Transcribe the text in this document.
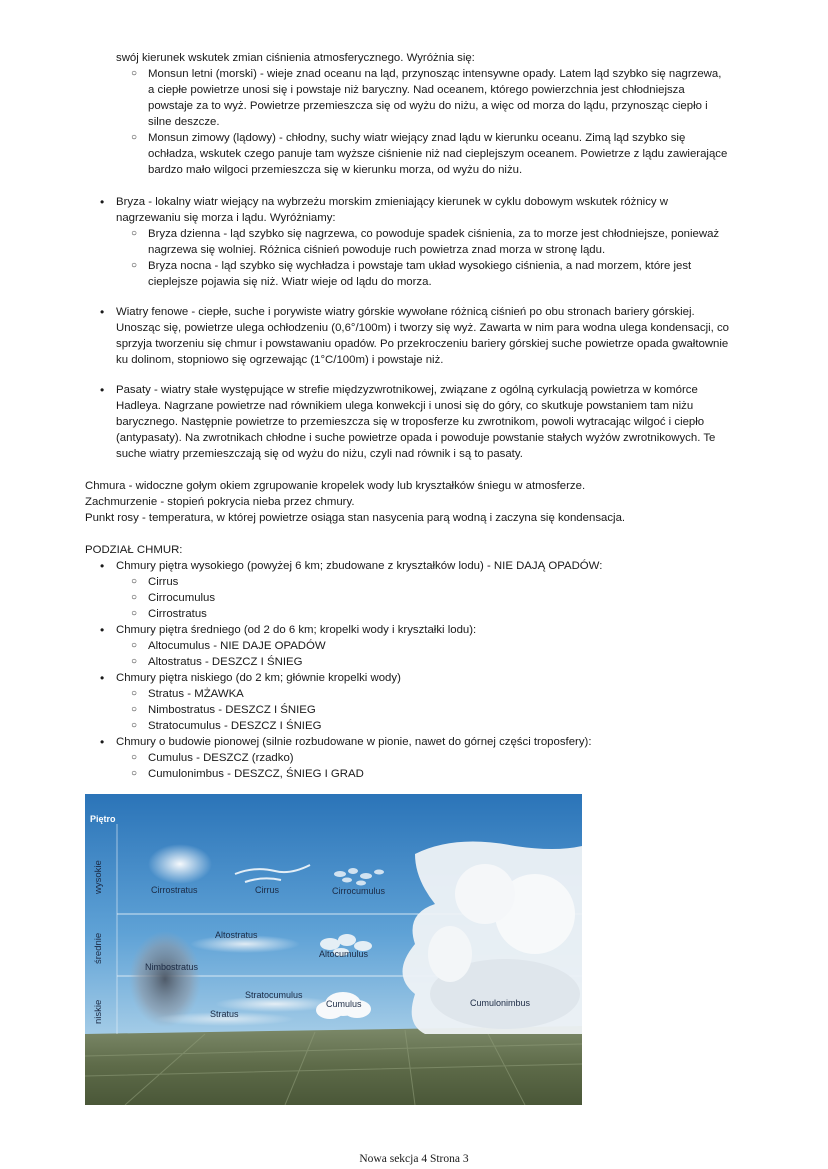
swój kierunek wskutek zmian ciśnienia atmosferycznego. Wyróżnia się:

○ Monsun letni (morski) - wieje znad oceanu na ląd, przynosząc intensywne opady. Latem ląd szybko się nagrzewa, a ciepłe powietrze unosi się i powstaje niż baryczny. Nad oceanem, którego powierzchnia jest chłodniejsza powstaje za to wyż. Powietrze przemieszcza się od wyżu do niżu, a więc od morza do lądu, przynosząc ciepło i silne deszcze.

○ Monsun zimowy (lądowy) - chłodny, suchy wiatr wiejący znad lądu w kierunku oceanu. Zimą ląd szybko się ochładza, wskutek czego panuje tam wyższe ciśnienie niż nad cieplejszym oceanem. Powietrze z lądu zawierające bardzo mało wilgoci przemieszcza się w kierunku morza, od wyżu do niżu.

• Bryza - lokalny wiatr wiejący na wybrzeżu morskim zmieniający kierunek w cyklu dobowym wskutek różnicy w nagrzewaniu się morza i lądu. Wyróżniamy:

○ Bryza dzienna - ląd szybko się nagrzewa, co powoduje spadek ciśnienia, za to morze jest chłodniejsze, ponieważ nagrzewa się wolniej. Różnica ciśnień powoduje ruch powietrza znad morza w stronę lądu.

○ Bryza nocna - ląd szybko się wychładza i powstaje tam układ wysokiego ciśnienia, a nad morzem, które jest cieplejsze pojawia się niż. Wiatr wieje od lądu do morza.

• Wiatry fenowe - ciepłe, suche i porywiste wiatry górskie wywołane różnicą ciśnień po obu stronach bariery górskiej. Unosząc się, powietrze ulega ochłodzeniu (0,6°/100m) i tworzy się wyż. Zawarta w nim para wodna ulega kondensacji, co sprzyja tworzeniu się chmur i powstawaniu opadów. Po przekroczeniu bariery górskiej suche powietrze opada gwałtownie ku dolinom, stopniowo się ogrzewając (1°C/100m) i powstaje niż.

• Pasaty - wiatry stałe występujące w strefie międzyzwrotnikowej, związane z ogólną cyrkulacją powietrza w komórce Hadleya. Nagrzane powietrze nad równikiem ulega konwekcji i unosi się do góry, co skutkuje powstaniem tam niżu barycznego. Następnie powietrze to przemieszcza się w troposferze ku zwrotnikom, powoli wytracając wilgoć i ciepło (antypasaty). Na zwrotnikach chłodne i suche powietrze opada i powoduje powstanie stałych wyżów zwrotnikowych. Te suche wiatry przemieszczają się od wyżu do niżu, czyli nad równik i są to pasaty.

Chmura - widoczne gołym okiem zgrupowanie kropelek wody lub kryształków śniegu w atmosferze.
Zachmurzenie - stopień pokrycia nieba przez chmury.
Punkt rosy - temperatura, w której powietrze osiąga stan nasycenia parą wodną i zaczyna się kondensacja.
PODZIAŁ CHMUR:
• Chmury piętra wysokiego (powyżej 6 km; zbudowane z kryształków lodu) - NIE DAJĄ OPADÓW:

○ Cirrus

○ Cirrocumulus

○ Cirrostratus

• Chmury piętra średniego (od 2 do 6 km; kropelki wody i kryształki lodu):

○ Altocumulus - NIE DAJE OPADÓW

○ Altostratus - DESZCZ I ŚNIEG

• Chmury piętra niskiego (do 2 km; głównie kropelki wody)

○ Stratus - MŻAWKA

○ Nimbostratus - DESZCZ I ŚNIEG

○ Stratocumulus - DESZCZ I ŚNIEG

• Chmury o budowie pionowej (silnie rozbudowane w pionie, nawet do górnej części troposfery):

○ Cumulus - DESZCZ (rzadko)

○ Cumulonimbus - DESZCZ, ŚNIEG I GRAD

Piętro
wysokie
średnie
niskie
Cirrostratus	Cirrus	Cirrocumulus
Altostratus
Altocumulus
Nimbostratus
Stratocumulus
Cumulus
Stratus
Cumulonimbus
Nowa sekcja 4 Strona 3
